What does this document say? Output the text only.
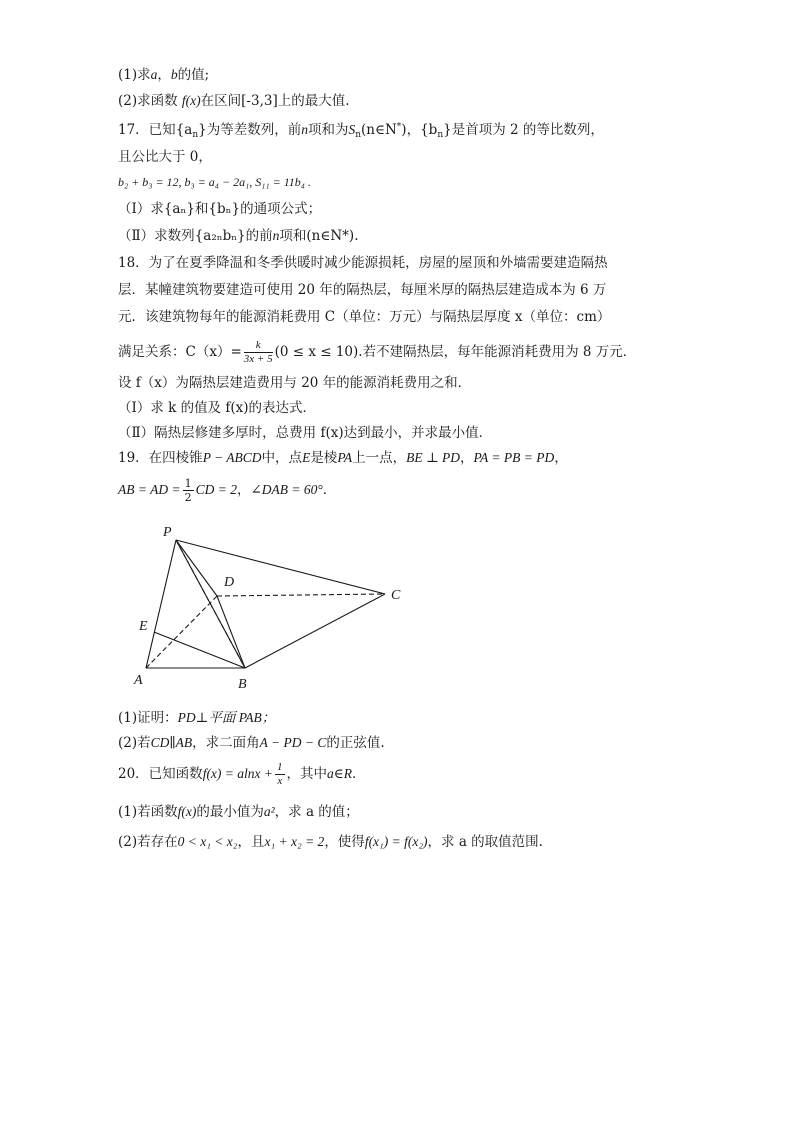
(1)求a，b的值;
(2)求函数 f(x)在区间[-3,3]上的最大值.
17．已知$\{a_n\}$为等差数列，前n项和为$S_n(n\in N^*)$，$\{b_n\}$是首项为 2 的等比数列，
且公比大于 0，
b₂ + b₃ = 12, b₃ = a₄ − 2a₁, S₁₁ = 11b₄ .
（Ⅰ）求{aₙ}和{bₙ}的通项公式；
（Ⅱ）求数列{a₂ₙbₙ}的前n项和(n∈N*).
18．为了在夏季降温和冬季供暖时减少能源损耗，房屋的屋顶和外墙需要建造隔热
层．某幢建筑物要建造可使用 20 年的隔热层，每厘米厚的隔热层建造成本为 6 万
元．该建筑物每年的能源消耗费用 C（单位：万元）与隔热层厚度 x（单位：cm）
满足关系：$C(x)= \frac{k}{3x + 5} (0 \le x \le 10)$.若不建隔热层，每年能源消耗费用为 8 万元．
设 f（x）为隔热层建造费用与 20 年的能源消耗费用之和．
（Ⅰ）求 k 的值及 f(x)的表达式．
（Ⅱ）隔热层修建多厚时，总费用 f(x)达到最小，并求最小值．
19．在四棱锥P − ABCD中，点E是棱PA上一点，BE ⊥ PD，PA = PB = PD，
AB = AD = $\frac{1}{2}$ CD = 2，∠DAB = 60°．
P
D
C
E
A	B
(1)证明：PD⊥平面 PAB；
(2)若CD∥AB，求二面角A − PD − C的正弦值.
20．已知函数$f(x) = alnx + \frac{1}{x}$ ，其中a∈R．
(1)若函数f(x)的最小值为a²，求 a 的值；
(2)若存在0 < x₁ < x₂，且x₁ + x₂ = 2，使得f(x₁) = f(x₂)，求 a 的取值范围.
